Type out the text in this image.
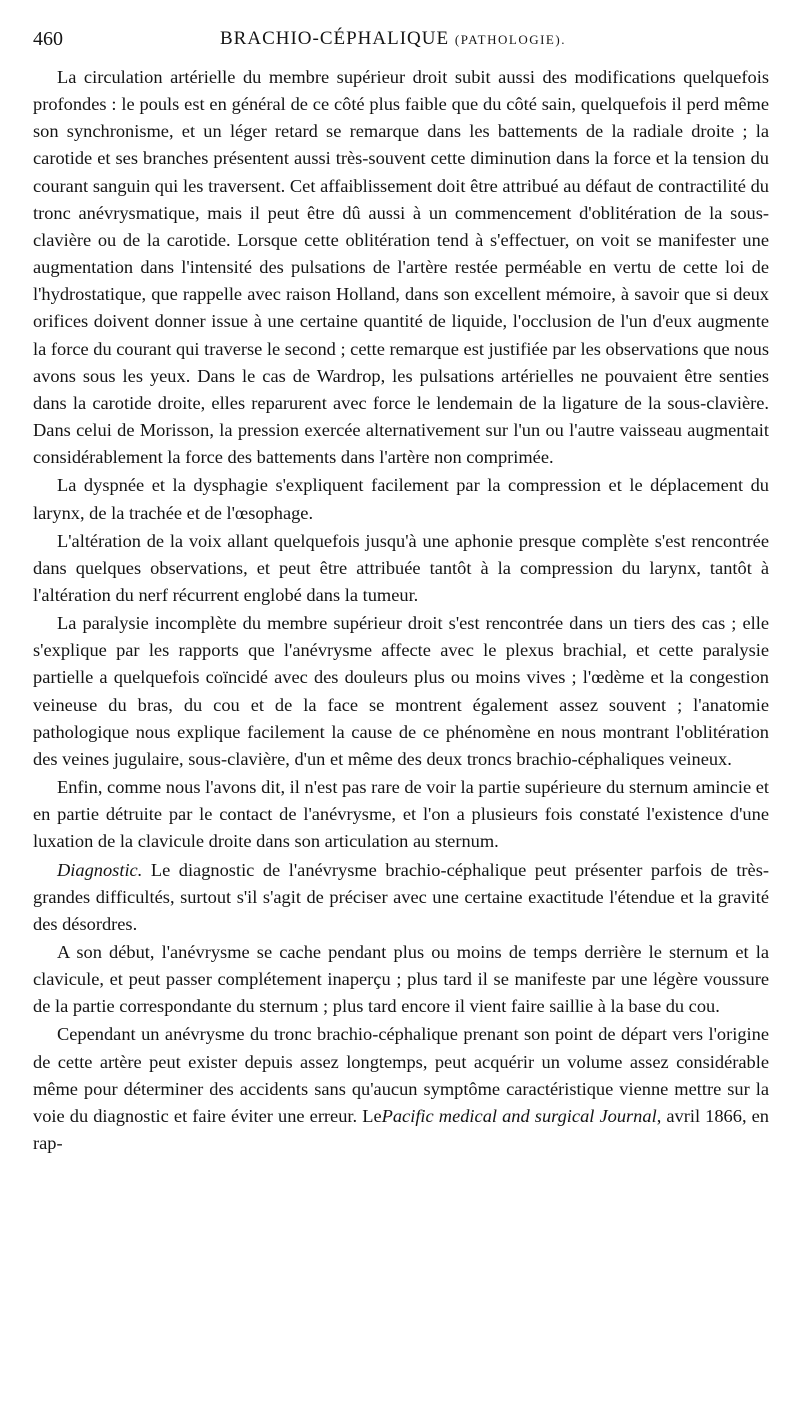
460	BRACHIO-CÉPHALIQUE (PATHOLOGIE).

La circulation artérielle du membre supérieur droit subit aussi des modifications quelquefois profondes : le pouls est en général de ce côté plus faible que du côté sain, quelquefois il perd même son synchronisme, et un léger retard se remarque dans les battements de la radiale droite ; la carotide et ses branches présentent aussi très-souvent cette diminution dans la force et la tension du courant sanguin qui les traversent. Cet affaiblissement doit être attribué au défaut de contractilité du tronc anévrysmatique, mais il peut être dû aussi à un commencement d'oblitération de la sous-clavière ou de la carotide. Lorsque cette oblitération tend à s'effectuer, on voit se manifester une augmentation dans l'intensité des pulsations de l'artère restée perméable en vertu de cette loi de l'hydrostatique, que rappelle avec raison Holland, dans son excellent mémoire, à savoir que si deux orifices doivent donner issue à une certaine quantité de liquide, l'occlusion de l'un d'eux augmente la force du courant qui traverse le second ; cette remarque est justifiée par les observations que nous avons sous les yeux. Dans le cas de Wardrop, les pulsations artérielles ne pouvaient être senties dans la carotide droite, elles reparurent avec force le lendemain de la ligature de la sous-clavière. Dans celui de Morisson, la pression exercée alternativement sur l'un ou l'autre vaisseau augmentait considérablement la force des battements dans l'artère non comprimée.

La dyspnée et la dysphagie s'expliquent facilement par la compression et le déplacement du larynx, de la trachée et de l'œsophage.

L'altération de la voix allant quelquefois jusqu'à une aphonie presque complète s'est rencontrée dans quelques observations, et peut être attribuée tantôt à la compression du larynx, tantôt à l'altération du nerf récurrent englobé dans la tumeur.

La paralysie incomplète du membre supérieur droit s'est rencontrée dans un tiers des cas ; elle s'explique par les rapports que l'anévrysme affecte avec le plexus brachial, et cette paralysie partielle a quelquefois coïncidé avec des douleurs plus ou moins vives ; l'œdème et la congestion veineuse du bras, du cou et de la face se montrent également assez souvent ; l'anatomie pathologique nous explique facilement la cause de ce phénomène en nous montrant l'oblitération des veines jugulaire, sous-clavière, d'un et même des deux troncs brachio-céphaliques veineux.

Enfin, comme nous l'avons dit, il n'est pas rare de voir la partie supérieure du sternum amincie et en partie détruite par le contact de l'anévrysme, et l'on a plusieurs fois constaté l'existence d'une luxation de la clavicule droite dans son articulation au sternum.

Diagnostic. Le diagnostic de l'anévrysme brachio-céphalique peut présenter parfois de très-grandes difficultés, surtout s'il s'agit de préciser avec une certaine exactitude l'étendue et la gravité des désordres.

A son début, l'anévrysme se cache pendant plus ou moins de temps derrière le sternum et la clavicule, et peut passer complétement inaperçu ; plus tard il se manifeste par une légère voussure de la partie correspondante du sternum ; plus tard encore il vient faire saillie à la base du cou.

Cependant un anévrysme du tronc brachio-céphalique prenant son point de départ vers l'origine de cette artère peut exister depuis assez longtemps, peut acquérir un volume assez considérable même pour déterminer des accidents sans qu'aucun symptôme caractéristique vienne mettre sur la voie du diagnostic et faire éviter une erreur. LePacific medical and surgical Journal, avril 1866, en rap-
